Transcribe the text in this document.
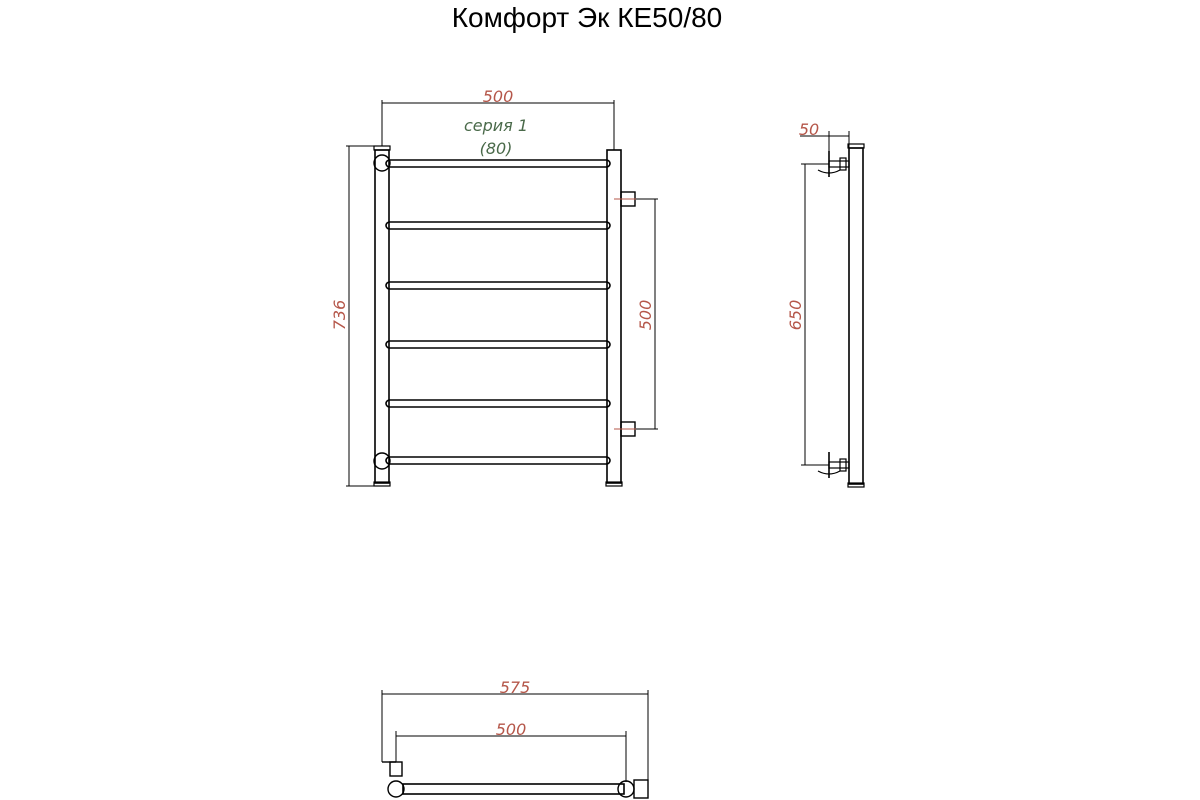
Комфорт Эк КЕ50/80
500
серия 1
(80)
736	500
50
650
575
500
